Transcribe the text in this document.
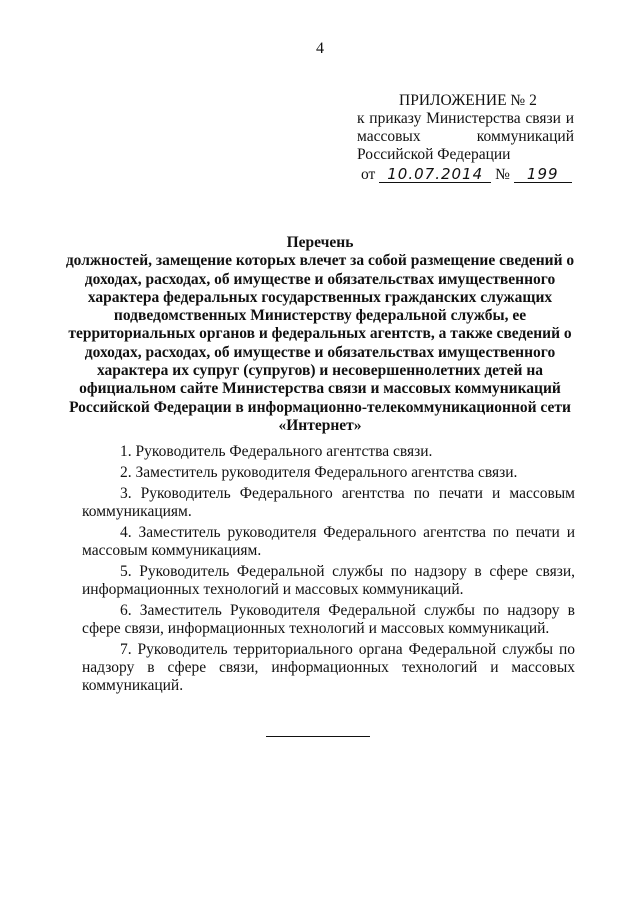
4
ПРИЛОЖЕНИЕ № 2
к приказу Министерства связи и
массовых коммуникаций
Российской Федерации
от 10.07.2014 № 199
Перечень
должностей, замещение которых влечет за собой размещение сведений о доходах, расходах, об имуществе и обязательствах имущественного характера федеральных государственных гражданских служащих подведомственных Министерству федеральной службы, ее территориальных органов и федеральных агентств, а также сведений о доходах, расходах, об имуществе и обязательствах имущественного характера их супруг (супругов) и несовершеннолетних детей на официальном сайте Министерства связи и массовых коммуникаций Российской Федерации в информационно-телекоммуникационной сети «Интернет»
1. Руководитель Федерального агентства связи.
2. Заместитель руководителя Федерального агентства связи.
3. Руководитель Федерального агентства по печати и массовым коммуникациям.
4. Заместитель руководителя Федерального агентства по печати и массовым коммуникациям.
5. Руководитель Федеральной службы по надзору в сфере связи, информационных технологий и массовых коммуникаций.
6. Заместитель Руководителя Федеральной службы по надзору в сфере связи, информационных технологий и массовых коммуникаций.
7. Руководитель территориального органа Федеральной службы по надзору в сфере связи, информационных технологий и массовых коммуникаций.
